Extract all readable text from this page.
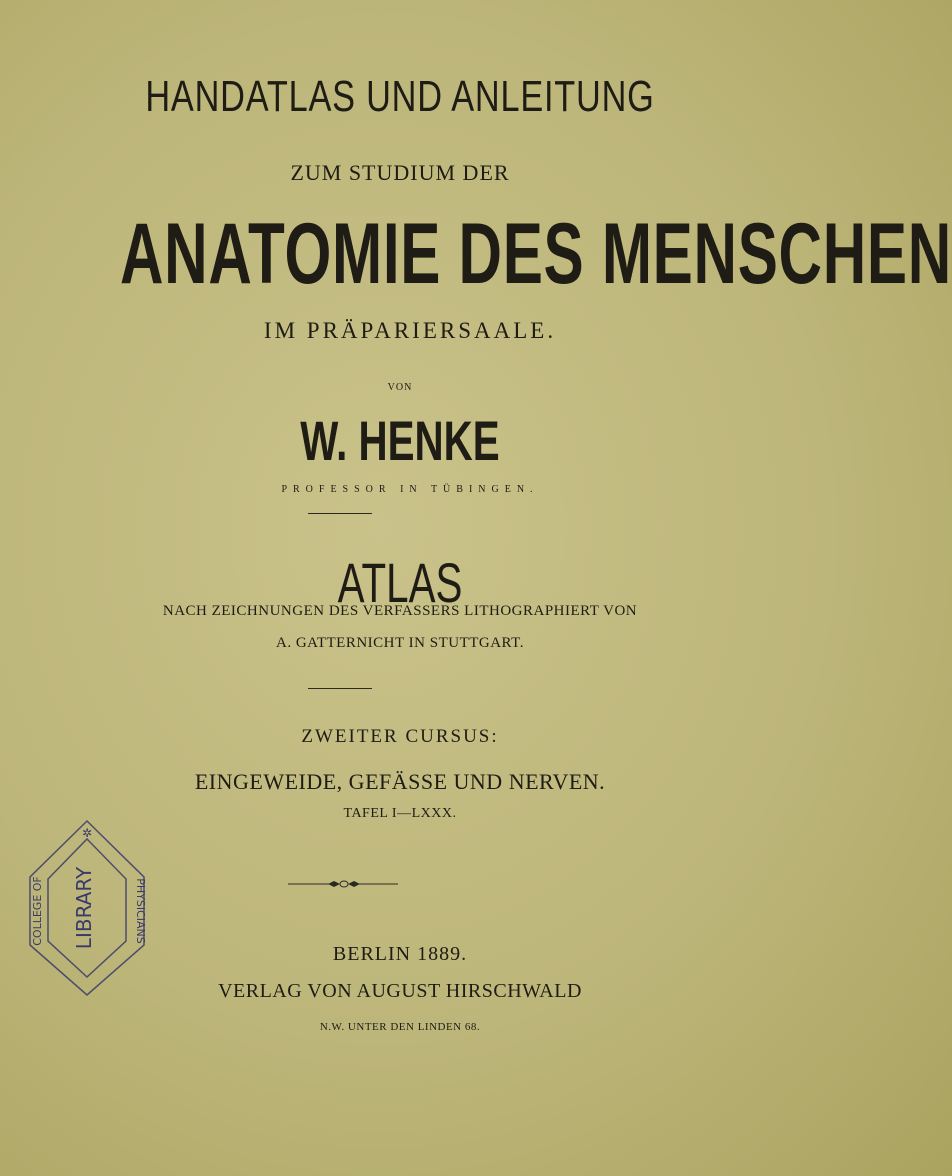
HANDATLAS UND ANLEITUNG
ZUM STUDIUM DER
ANATOMIE DES MENSCHEN
IM PRÄPARIERSAALE.
VON
W. HENKE
PROFESSOR IN TÜBINGEN.
ATLAS
NACH ZEICHNUNGEN DES VERFASSERS LITHOGRAPHIERT VON
A. GATTERNICHT IN STUTTGART.
ZWEITER CURSUS:
EINGEWEIDE, GEFÄSSE UND NERVEN.
TAFEL I—LXXX.
BERLIN 1889.
VERLAG VON AUGUST HIRSCHWALD
N.W. UNTER DEN LINDEN 68.
✲
LIBRARY
COLLEGE OF	PHYSICIANS
